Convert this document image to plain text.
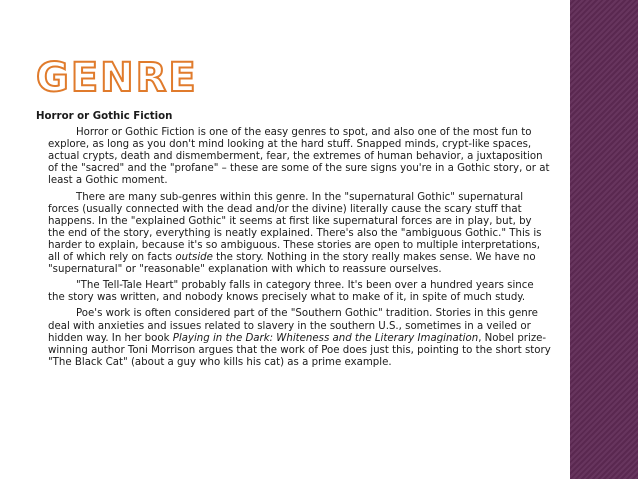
GENRE
Horror or Gothic Fiction

Horror or Gothic Fiction is one of the easy genres to spot, and also one of the most fun to explore, as long as you don't mind looking at the hard stuff. Snapped minds, crypt-like spaces, actual crypts, death and dismemberment, fear, the extremes of human behavior, a juxtaposition of the "sacred" and the "profane" – these are some of the sure signs you're in a Gothic story, or at least a Gothic moment.

There are many sub-genres within this genre. In the "supernatural Gothic" supernatural forces (usually connected with the dead and/or the divine) literally cause the scary stuff that happens. In the "explained Gothic" it seems at first like supernatural forces are in play, but, by the end of the story, everything is neatly explained. There's also the "ambiguous Gothic." This is harder to explain, because it's so ambiguous. These stories are open to multiple interpretations, all of which rely on facts outside the story. Nothing in the story really makes sense. We have no "supernatural" or "reasonable" explanation with which to reassure ourselves.

"The Tell-Tale Heart" probably falls in category three. It's been over a hundred years since the story was written, and nobody knows precisely what to make of it, in spite of much study.

Poe's work is often considered part of the "Southern Gothic" tradition. Stories in this genre deal with anxieties and issues related to slavery in the southern U.S., sometimes in a veiled or hidden way. In her book Playing in the Dark: Whiteness and the Literary Imagination, Nobel prize-winning author Toni Morrison argues that the work of Poe does just this, pointing to the short story "The Black Cat" (about a guy who kills his cat) as a prime example.
